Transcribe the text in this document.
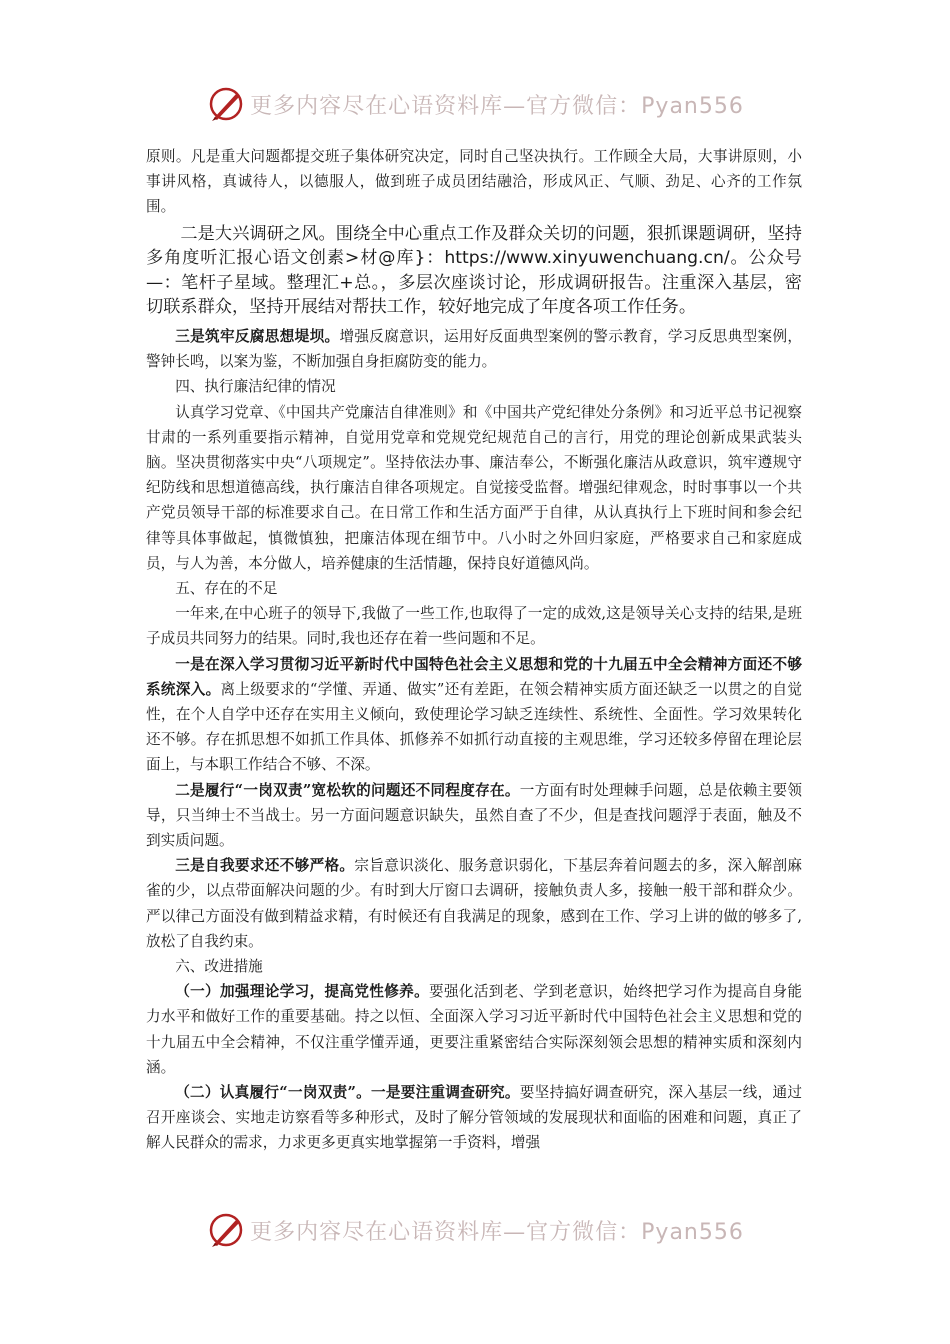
更多内容尽在心语资料库—官方微信：Pyan556

原则。凡是重大问题都提交班子集体研究决定，同时自己坚决执行。工作顾全大局，大事讲原则，小事讲风格，真诚待人，以德服人，做到班子成员团结融洽，形成风正、气顺、劲足、心齐的工作氛围。

二是大兴调研之风。围绕全中心重点工作及群众关切的问题，狠抓课题调研，坚持多角度听汇报心语文创素>材@库}：https://www.xinyuwenchuang.cn/。公众号—：笔杆子星域。整理汇+总。，多层次座谈讨论，形成调研报告。注重深入基层，密切联系群众，坚持开展结对帮扶工作，较好地完成了年度各项工作任务。

三是筑牢反腐思想堤坝。增强反腐意识，运用好反面典型案例的警示教育，学习反思典型案例，警钟长鸣，以案为鉴，不断加强自身拒腐防变的能力。

四、执行廉洁纪律的情况

认真学习党章、《中国共产党廉洁自律准则》和《中国共产党纪律处分条例》和习近平总书记视察甘肃的一系列重要指示精神，自觉用党章和党规党纪规范自己的言行，用党的理论创新成果武装头脑。坚决贯彻落实中央“八项规定”。坚持依法办事、廉洁奉公，不断强化廉洁从政意识，筑牢遵规守纪防线和思想道德高线，执行廉洁自律各项规定。自觉接受监督。增强纪律观念，时时事事以一个共产党员领导干部的标准要求自己。在日常工作和生活方面严于自律，从认真执行上下班时间和参会纪律等具体事做起，慎微慎独，把廉洁体现在细节中。八小时之外回归家庭，严格要求自己和家庭成员，与人为善，本分做人，培养健康的生活情趣，保持良好道德风尚。

五、存在的不足

一年来,在中心班子的领导下,我做了一些工作,也取得了一定的成效,这是领导关心支持的结果,是班子成员共同努力的结果。同时,我也还存在着一些问题和不足。

一是在深入学习贯彻习近平新时代中国特色社会主义思想和党的十九届五中全会精神方面还不够系统深入。离上级要求的“学懂、弄通、做实”还有差距，在领会精神实质方面还缺乏一以贯之的自觉性，在个人自学中还存在实用主义倾向，致使理论学习缺乏连续性、系统性、全面性。学习效果转化还不够。存在抓思想不如抓工作具体、抓修养不如抓行动直接的主观思维，学习还较多停留在理论层面上，与本职工作结合不够、不深。

二是履行“一岗双责”宽松软的问题还不同程度存在。一方面有时处理棘手问题，总是依赖主要领导，只当绅士不当战士。另一方面问题意识缺失，虽然自查了不少，但是查找问题浮于表面，触及不到实质问题。

三是自我要求还不够严格。宗旨意识淡化、服务意识弱化，下基层奔着问题去的多，深入解剖麻雀的少，以点带面解决问题的少。有时到大厅窗口去调研，接触负责人多，接触一般干部和群众少。严以律己方面没有做到精益求精，有时候还有自我满足的现象，感到在工作、学习上讲的做的够多了,放松了自我约束。

六、改进措施

（一）加强理论学习，提高党性修养。要强化活到老、学到老意识，始终把学习作为提高自身能力水平和做好工作的重要基础。持之以恒、全面深入学习习近平新时代中国特色社会主义思想和党的十九届五中全会精神，不仅注重学懂弄通，更要注重紧密结合实际深刻领会思想的精神实质和深刻内涵。

（二）认真履行“一岗双责”。一是要注重调查研究。要坚持搞好调查研究，深入基层一线，通过召开座谈会、实地走访察看等多种形式，及时了解分管领域的发展现状和面临的困难和问题，真正了解人民群众的需求，力求更多更真实地掌握第一手资料，增强

更多内容尽在心语资料库—官方微信：Pyan556
